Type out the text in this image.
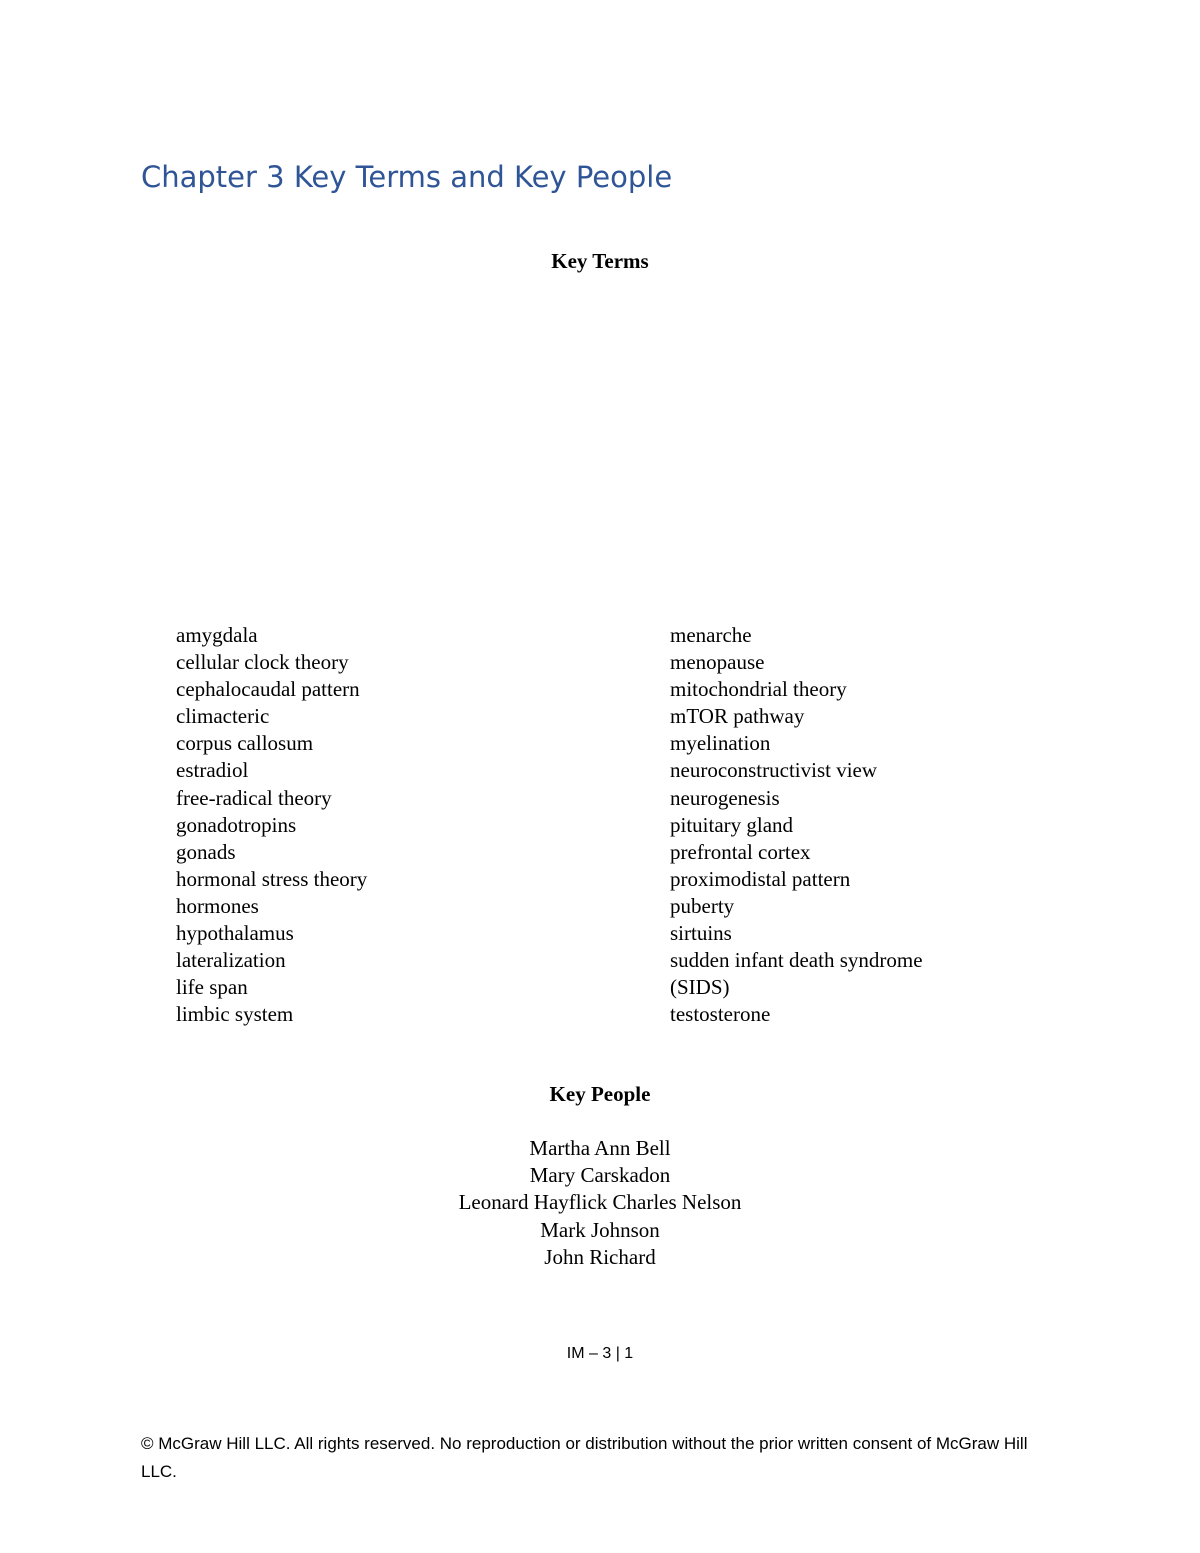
Chapter 3 Key Terms and Key People
Key Terms
amygdala
cellular clock theory
cephalocaudal pattern
climacteric
corpus callosum
estradiol
free-radical theory
gonadotropins
gonads
hormonal stress theory
hormones
hypothalamus
lateralization
life span
limbic system
menarche
menopause
mitochondrial theory
mTOR pathway
myelination
neuroconstructivist view
neurogenesis
pituitary gland
prefrontal cortex
proximodistal pattern
puberty
sirtuins
sudden infant death syndrome
(SIDS)
testosterone
Key People
Martha Ann Bell
Mary Carskadon
Leonard Hayflick Charles Nelson
Mark Johnson
John Richard
IM – 3 | 1

© McGraw Hill LLC. All rights reserved. No reproduction or distribution without the prior written consent of McGraw Hill LLC.
